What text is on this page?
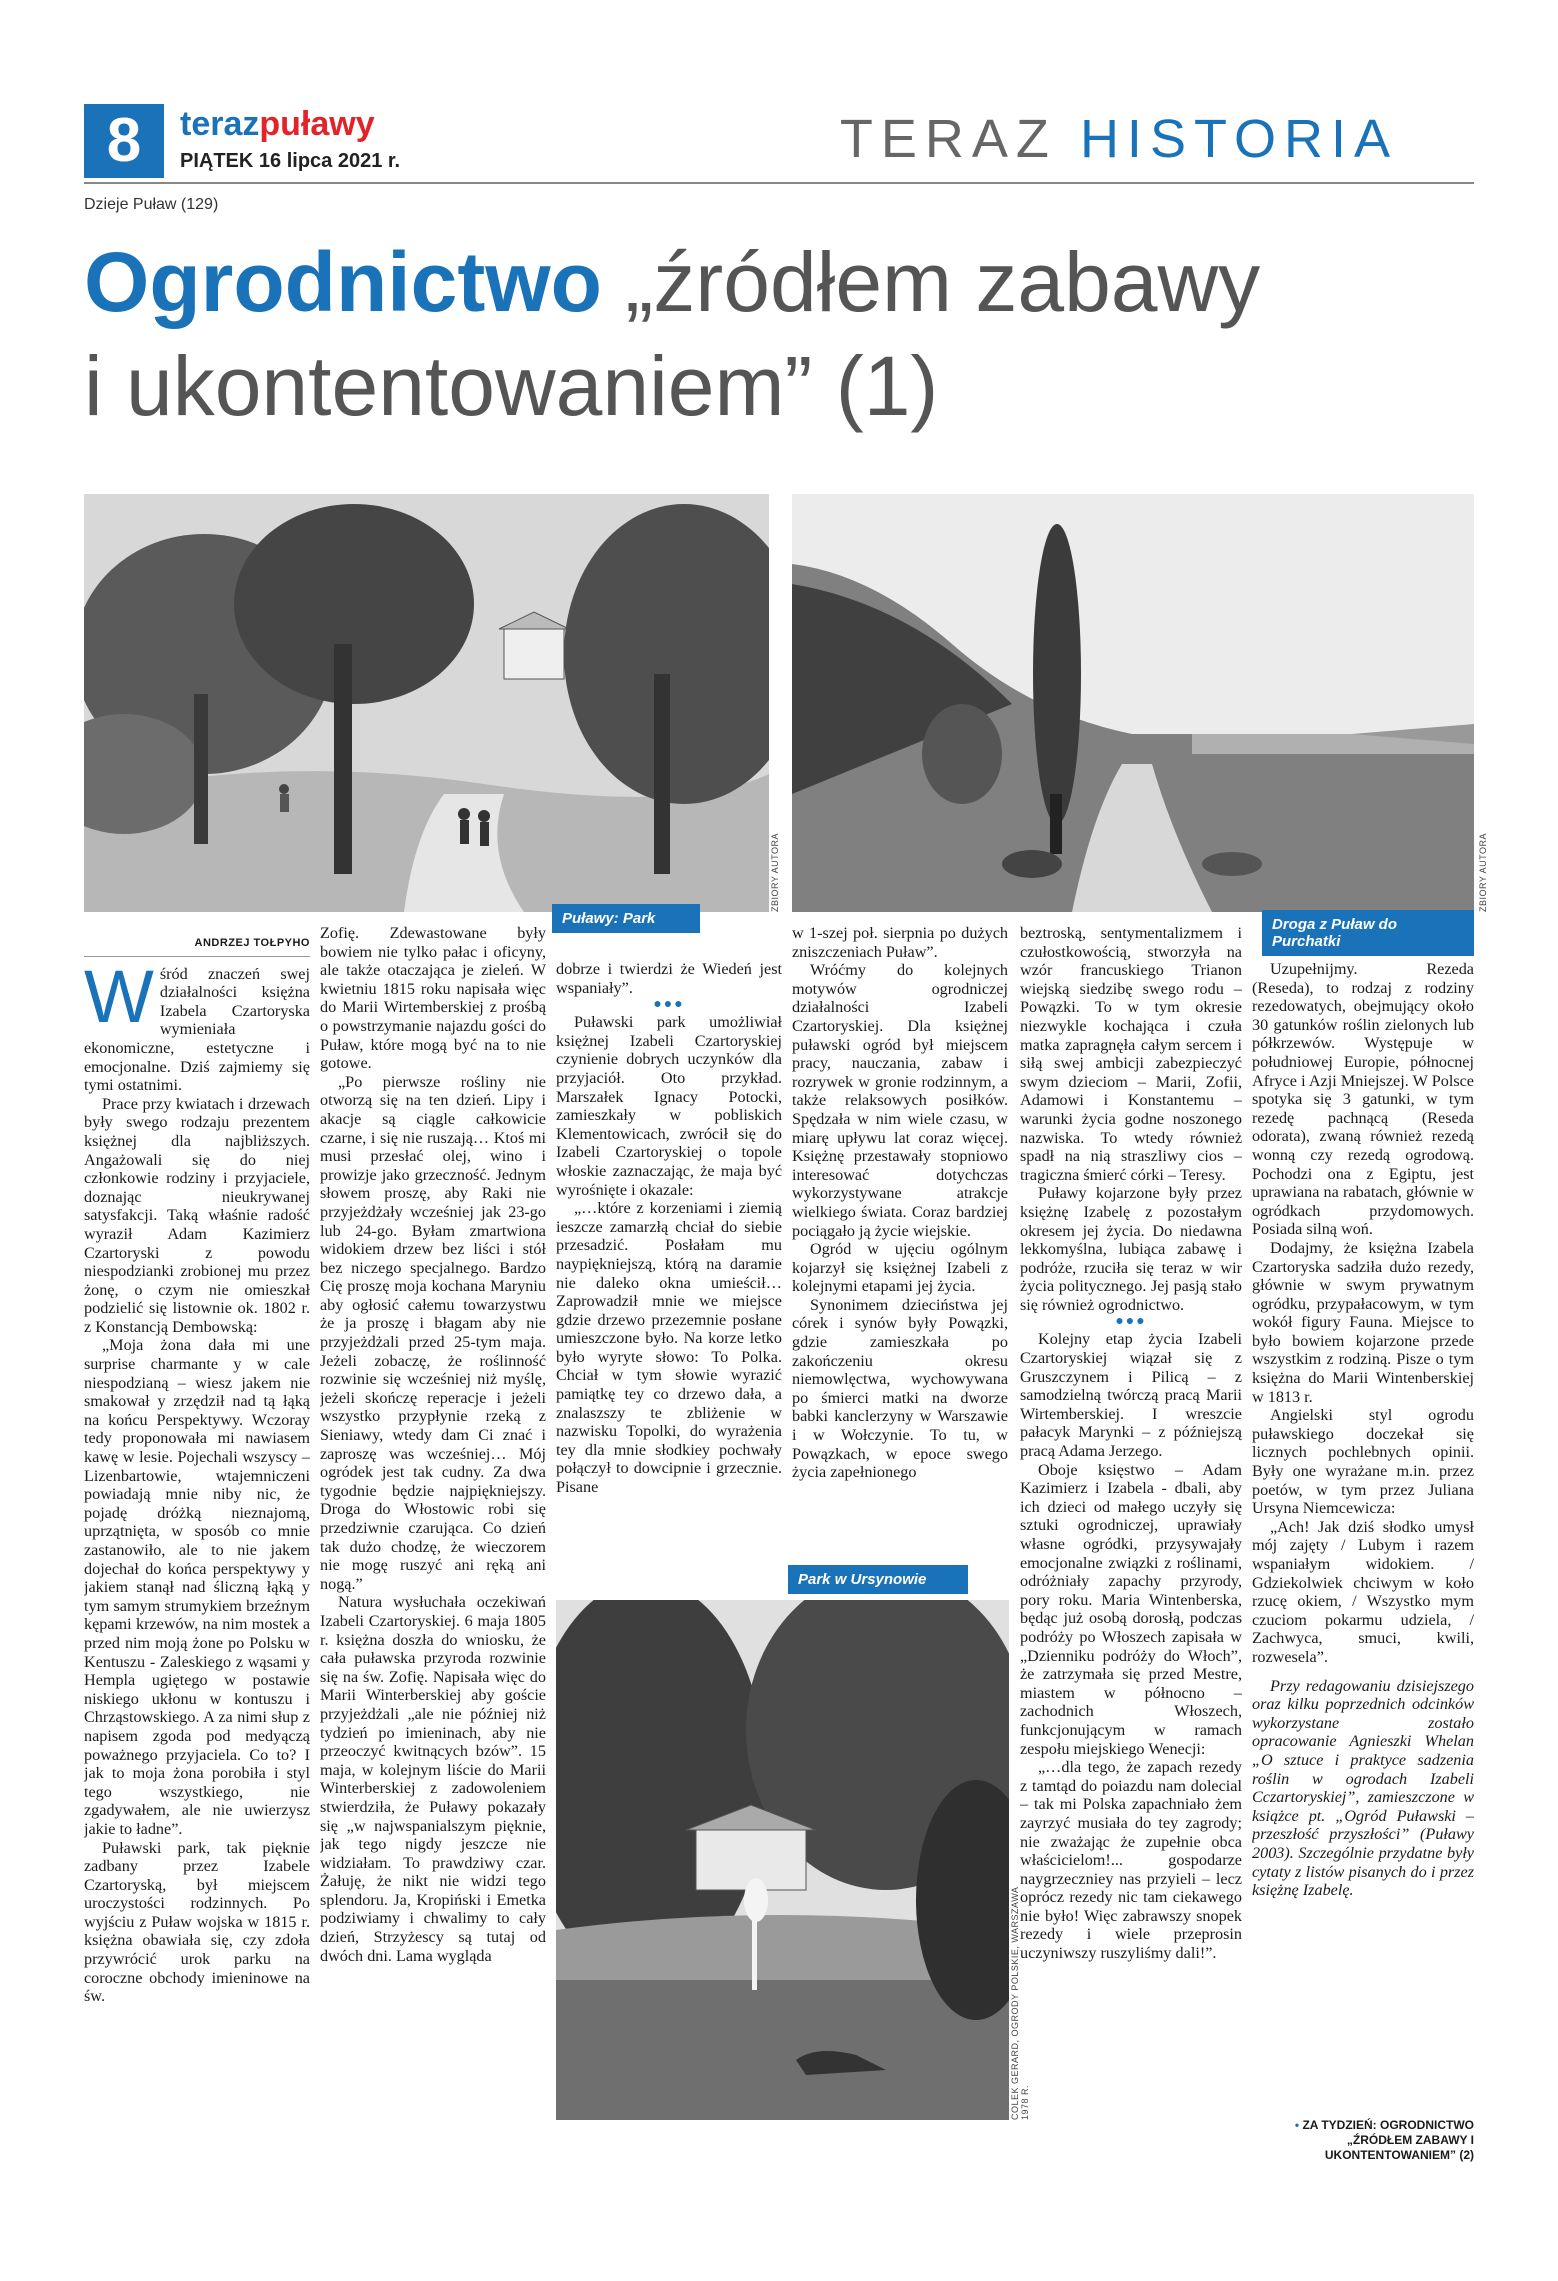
8	terazpuławy
PIĄTEK 16 lipca 2021 r.	TERAZ HISTORIA
Dzieje Puław (129)
Ogrodnictwo „źródłem zabawy
i ukontentowaniem” (1)
ZBIORY AUTORA
Puławy: Park
ZBIORY AUTORA
Droga z Puław do Purchatki
COLEK GERARD, OGRODY POLSKIE, WARSZAWA 1978 R.
Park w Ursynowie
ANDRZEJ TOŁPYHO

Wśród znaczeń swej działalności księżna Izabela Czartoryska wymieniała ekonomiczne, estetyczne i emocjonalne. Dziś zajmiemy się tymi ostatnimi.

Prace przy kwiatach i drzewach były swego rodzaju prezentem księżnej dla najbliższych. Angażowali się do niej członkowie rodziny i przyjaciele, doznając nieukrywanej satysfakcji. Taką właśnie radość wyraził Adam Kazimierz Czartoryski z powodu niespodzianki zrobionej mu przez żonę, o czym nie omieszkał podzielić się listownie ok. 1802 r. z Konstancją Dembowską:

„Moja żona dała mi une surprise charmante y w cale niespodzianą – wiesz jakem nie smakował y zrzędził nad tą łąką na końcu Perspektywy. Wczoray tedy proponowała mi nawiasem kawę w lesie. Pojechali wszyscy – Lizenbartowie, wtajemniczeni powiadają mnie niby nic, że pojadę dróżką nieznajomą, uprzątnięta, w sposób co mnie zastanowiło, ale to nie jakem dojechał do końca perspektywy y jakiem stanął nad śliczną łąką y tym samym strumykiem brzeźnym kępami krzewów, na nim mostek a przed nim moją żone po Polsku w Kentuszu - Zaleskiego z wąsami y Hempla ugiętego w postawie niskiego ukłonu w kontuszu i Chrząstowskiego. A za nimi słup z napisem zgoda pod medyączą poważnego przyjaciela. Co to? I jak to moja żona porobiła i styl tego wszystkiego, nie zgadywałem, ale nie uwierzysz jakie to ładne”.

Puławski park, tak pięknie zadbany przez Izabele Czartoryską, był miejscem uroczystości rodzinnych. Po wyjściu z Puław wojska w 1815 r. księżna obawiała się, czy zdoła przywrócić urok parku na coroczne obchody imieninowe na św.

Zofię. Zdewastowane były bowiem nie tylko pałac i oficyny, ale także otaczająca je zieleń. W kwietniu 1815 roku napisała więc do Marii Wirtemberskiej z prośbą o powstrzymanie najazdu gości do Puław, które mogą być na to nie gotowe.

„Po pierwsze rośliny nie otworzą się na ten dzień. Lipy i akacje są ciągle całkowicie czarne, i się nie ruszają… Ktoś mi musi przesłać olej, wino i prowizje jako grzeczność. Jednym słowem proszę, aby Raki nie przyjeżdżały wcześniej jak 23-go lub 24-go. Byłam zmartwiona widokiem drzew bez liści i stół bez niczego specjalnego. Bardzo Cię proszę moja kochana Maryniu aby ogłosić całemu towarzystwu że ja proszę i błagam aby nie przyjeżdżali przed 25-tym maja. Jeżeli zobaczę, że roślinność rozwinie się wcześniej niż myślę, jeżeli skończę reperacje i jeżeli wszystko przypłynie rzeką z Sieniawy, wtedy dam Ci znać i zaproszę was wcześniej… Mój ogródek jest tak cudny. Za dwa tygodnie będzie najpiękniejszy. Droga do Włostowic robi się przedziwnie czarująca. Co dzień tak dużo chodzę, że wieczorem nie mogę ruszyć ani ręką ani nogą.”

Natura wysłuchała oczekiwań Izabeli Czartoryskiej. 6 maja 1805 r. księżna doszła do wniosku, że cała puławska przyroda rozwinie się na św. Zofię. Napisała więc do Marii Winterberskiej aby goście przyjeżdżali „ale nie później niż tydzień po imieninach, aby nie przeoczyć kwitnących bzów”. 15 maja, w kolejnym liście do Marii Winterberskiej z zadowoleniem stwierdziła, że Puławy pokazały się „w najwspanialszym pięknie, jak tego nigdy jeszcze nie widziałam. To prawdziwy czar. Żałuję, że nikt nie widzi tego splendoru. Ja, Kropiński i Emetka podziwiamy i chwalimy to cały dzień, Strzyżescy są tutaj od dwóch dni. Lama wygląda

dobrze i twierdzi że Wiedeń jest wspaniały”.

●●●

Puławski park umożliwiał księżnej Izabeli Czartoryskiej czynienie dobrych uczynków dla przyjaciół. Oto przykład. Marszałek Ignacy Potocki, zamieszkały w pobliskich Klementowicach, zwrócił się do Izabeli Czartoryskiej o topole włoskie zaznaczając, że maja być wyrośnięte i okazale:

„…które z korzeniami i ziemią ieszcze zamarzłą chciał do siebie przesadzić. Posłałam mu naypiękniejszą, którą na daramie nie daleko okna umieścił… Zaprowadził mnie we miejsce gdzie drzewo przezemnie posłane umieszczone było. Na korze letko było wyryte słowo: To Polka. Chciał w tym słowie wyrazić pamiątkę tey co drzewo dała, a znalaszszy te zbliżenie w nazwisku Topolki, do wyrażenia tey dla mnie słodkiey pochwały połączył to dowcipnie i grzecznie. Pisane

w 1-szej poł. sierpnia po dużych zniszczeniach Puław”.

Wróćmy do kolejnych motywów ogrodniczej działalności Izabeli Czartoryskiej. Dla księżnej puławski ogród był miejscem pracy, nauczania, zabaw i rozrywek w gronie rodzinnym, a także relaksowych posiłków. Spędzała w nim wiele czasu, w miarę upływu lat coraz więcej. Księżnę przestawały stopniowo interesować dotychczas wykorzystywane atrakcje wielkiego świata. Coraz bardziej pociągało ją życie wiejskie.

Ogród w ujęciu ogólnym kojarzył się księżnej Izabeli z kolejnymi etapami jej życia.

Synonimem dzieciństwa jej córek i synów były Powązki, gdzie zamieszkała po zakończeniu okresu niemowlęctwa, wychowywana po śmierci matki na dworze babki kanclerzyny w Warszawie i w Wołczynie. To tu, w Powązkach, w epoce swego życia zapełnionego

beztroską, sentymentalizmem i czułostkowością, stworzyła na wzór francuskiego Trianon wiejską siedzibę swego rodu – Powązki. To w tym okresie niezwykle kochająca i czuła matka zapragnęła całym sercem i siłą swej ambicji zabezpieczyć swym dzieciom – Marii, Zofii, Adamowi i Konstantemu – warunki życia godne noszonego nazwiska. To wtedy również spadł na nią straszliwy cios – tragiczna śmierć córki – Teresy.

Puławy kojarzone były przez księżnę Izabelę z pozostałym okresem jej życia. Do niedawna lekkomyślna, lubiąca zabawę i podróże, rzuciła się teraz w wir życia politycznego. Jej pasją stało się również ogrodnictwo.

●●●

Kolejny etap życia Izabeli Czartoryskiej wiązał się z Gruszczynem i Pilicą – z samodzielną twórczą pracą Marii Wirtemberskiej. I wreszcie pałacyk Marynki – z późniejszą pracą Adama Jerzego.

Oboje księstwo – Adam Kazimierz i Izabela - dbali, aby ich dzieci od małego uczyły się sztuki ogrodniczej, uprawiały własne ogródki, przysywajały emocjonalne związki z roślinami, odróżniały zapachy przyrody, pory roku. Maria Wintenberska, będąc już osobą dorosłą, podczas podróży po Włoszech zapisała w „Dzienniku podróży do Włoch”, że zatrzymała się przed Mestre, miastem w północno – zachodnich Włoszech, funkcjonującym w ramach zespołu miejskiego Wenecji:

„…dla tego, że zapach rezedy z tamtąd do poiazdu nam dolecial – tak mi Polska zapachniało żem zayrzyć musiała do tey zagrody; nie zważając że zupełnie obca właścicielom!... gospodarze naygrzeczniey nas przyieli – lecz oprócz rezedy nic tam ciekawego nie było! Więc zabrawszy snopek rezedy i wiele przeprosin uczyniwszy ruszyliśmy dali!”.

Uzupełnijmy. Rezeda (Reseda), to rodzaj z rodziny rezedowatych, obejmujący około 30 gatunków roślin zielonych lub półkrzewów. Występuje w południowej Europie, północnej Afryce i Azji Mniejszej. W Polsce spotyka się 3 gatunki, w tym rezedę pachnącą (Reseda odorata), zwaną również rezedą wonną czy rezedą ogrodową. Pochodzi ona z Egiptu, jest uprawiana na rabatach, głównie w ogródkach przydomowych. Posiada silną woń.

Dodajmy, że księżna Izabela Czartoryska sadziła dużo rezedy, głównie w swym prywatnym ogródku, przypałacowym, w tym wokół figury Fauna. Miejsce to było bowiem kojarzone przede wszystkim z rodziną. Pisze o tym księżna do Marii Wintenberskiej w 1813 r.

Angielski styl ogrodu puławskiego doczekał się licznych pochlebnych opinii. Były one wyrażane m.in. przez poetów, w tym przez Juliana Ursyna Niemcewicza:

„Ach! Jak dziś słodko umysł mój zajęty / Lubym i razem wspaniałym widokiem. / Gdziekolwiek chciwym w koło rzucę okiem, / Wszystko mym czuciom pokarmu udziela, / Zachwyca, smuci, kwili, rozwesela”.

Przy redagowaniu dzisiejszego oraz kilku poprzednich odcinków wykorzystane zostało opracowanie Agnieszki Whelan „O sztuce i praktyce sadzenia roślin w ogrodach Izabeli Cczartoryskiej”, zamieszczone w książce pt. „Ogród Puławski – przeszłość przyszłości” (Puławy 2003). Szczególnie przydatne były cytaty z listów pisanych do i przez księżnę Izabelę.

• ZA TYDZIEŃ: OGRODNICTWO „ŹRÓDŁEM ZABAWY I UKONTENTOWANIEM” (2)
